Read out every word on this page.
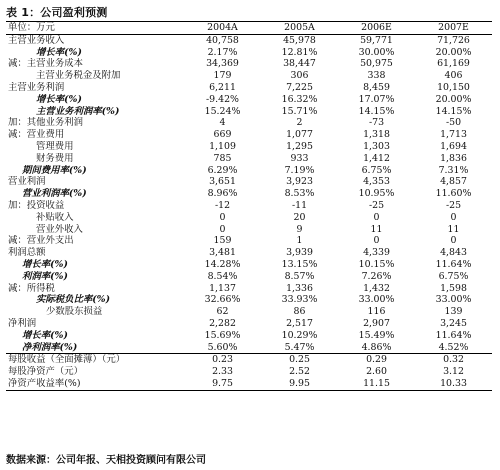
表 1：公司盈利预测
单位：万元	2004A	2005A	2006E	2007E
主营业务收入	40,758	45,978	59,771	71,726
增长率(%)	2.17%	12.81%	30.00%	20.00%
减：主营业务成本	34,369	38,447	50,975	61,169
主营业务税金及附加	179	306	338	406
主营业务利润	6,211	7,225	8,459	10,150
增长率(%)	-9.42%	16.32%	17.07%	20.00%
主营业务利润率(%)	15.24%	15.71%	14.15%	14.15%
加：其他业务利润	4	2	-73	-50
减：营业费用	669	1,077	1,318	1,713
管理费用	1,109	1,295	1,303	1,694
财务费用	785	933	1,412	1,836
期间费用率(%)	6.29%	7.19%	6.75%	7.31%
营业利润	3,651	3,923	4,353	4,857
营业利润率(%)	8.96%	8.53%	10.95%	11.60%
加：投资收益	-12	-11	-25	-25
补贴收入	0	20	0	0
营业外收入	0	9	11	11
减：营业外支出	159	1	0	0
利润总额	3,481	3,939	4,339	4,843
增长率(%)	14.28%	13.15%	10.15%	11.64%
利润率(%)	8.54%	8.57%	7.26%	6.75%
减：所得税	1,137	1,336	1,432	1,598
实际税负比率(%)	32.66%	33.93%	33.00%	33.00%
少数股东损益	62	86	116	139
净利润	2,282	2,517	2,907	3,245
增长率(%)	15.69%	10.29%	15.49%	11.64%
净利润率(%)	5.60%	5.47%	4.86%	4.52%
每股收益（全面摊薄）（元）	0.23	0.25	0.29	0.32
每股净资产（元）	2.33	2.52	2.60	3.12
净资产收益率(%)	9.75	9.95	11.15	10.33
数据来源：公司年报、天相投资顾问有限公司
